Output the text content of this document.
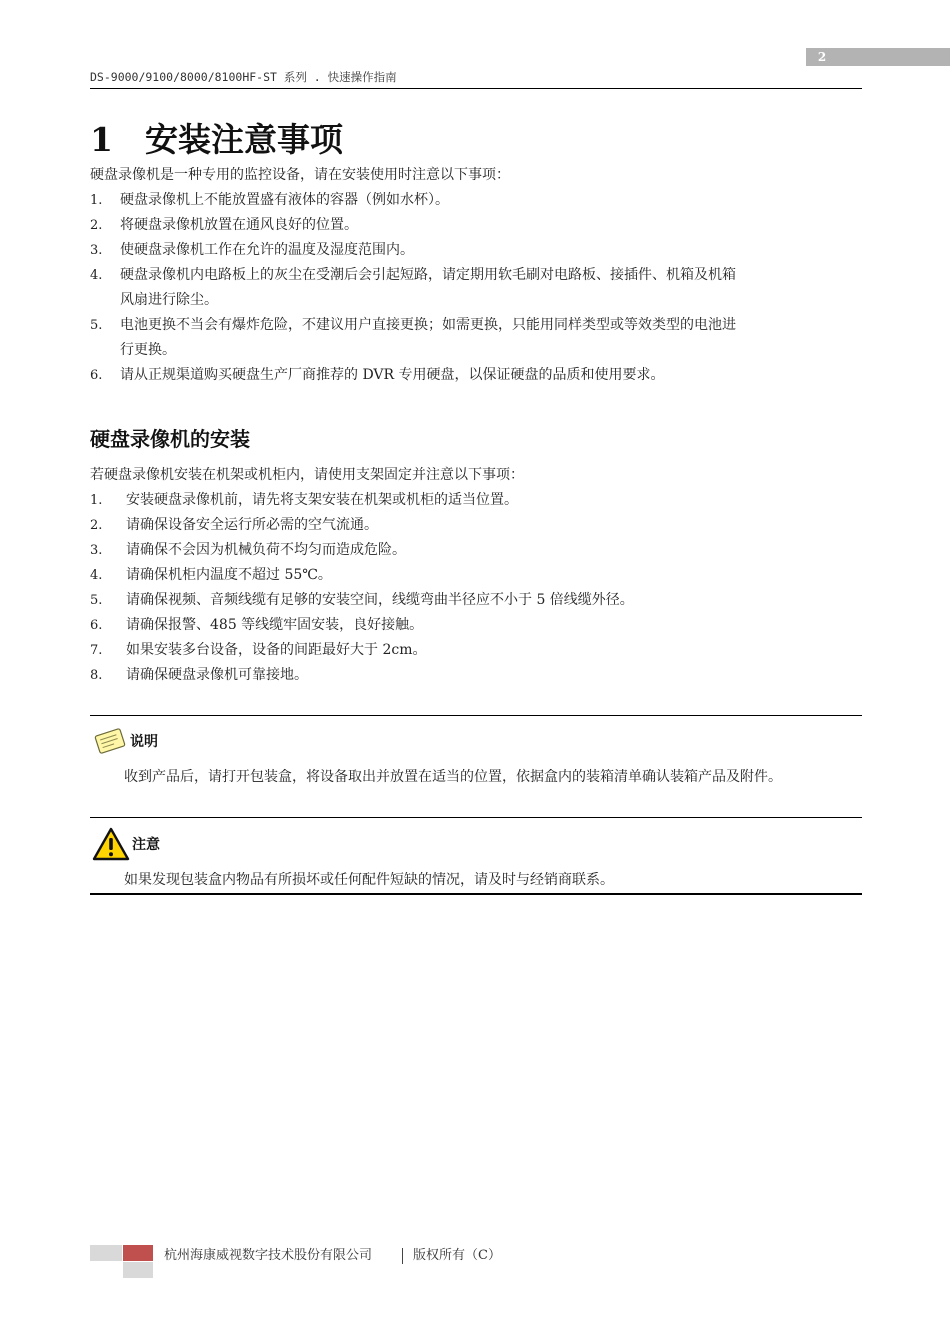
2
DS-9000/9100/8000/8100HF-ST 系列 . 快速操作指南
1 安装注意事项
硬盘录像机是一种专用的监控设备，请在安装使用时注意以下事项：
1. 硬盘录像机上不能放置盛有液体的容器（例如水杯）。
2. 将硬盘录像机放置在通风良好的位置。
3. 使硬盘录像机工作在允许的温度及湿度范围内。
4. 硬盘录像机内电路板上的灰尘在受潮后会引起短路，请定期用软毛刷对电路板、接插件、机箱及机箱
风扇进行除尘。
5. 电池更换不当会有爆炸危险，不建议用户直接更换；如需更换，只能用同样类型或等效类型的电池进
行更换。
6. 请从正规渠道购买硬盘生产厂商推荐的 DVR 专用硬盘，以保证硬盘的品质和使用要求。
硬盘录像机的安装
若硬盘录像机安装在机架或机柜内，请使用支架固定并注意以下事项：
1. 安装硬盘录像机前，请先将支架安装在机架或机柜的适当位置。
2. 请确保设备安全运行所必需的空气流通。
3. 请确保不会因为机械负荷不均匀而造成危险。
4. 请确保机柜内温度不超过 55℃。
5. 请确保视频、音频线缆有足够的安装空间，线缆弯曲半径应不小于 5 倍线缆外径。
6. 请确保报警、485 等线缆牢固安装，良好接触。
7. 如果安装多台设备，设备的间距最好大于 2cm。
8. 请确保硬盘录像机可靠接地。
说明

收到产品后，请打开包装盒，将设备取出并放置在适当的位置，依据盒内的装箱清单确认装箱产品及附件。

注意
如果发现包装盒内物品有所损坏或任何配件短缺的情况，请及时与经销商联系。
杭州海康威视数字技术股份有限公司	版权所有（C）
